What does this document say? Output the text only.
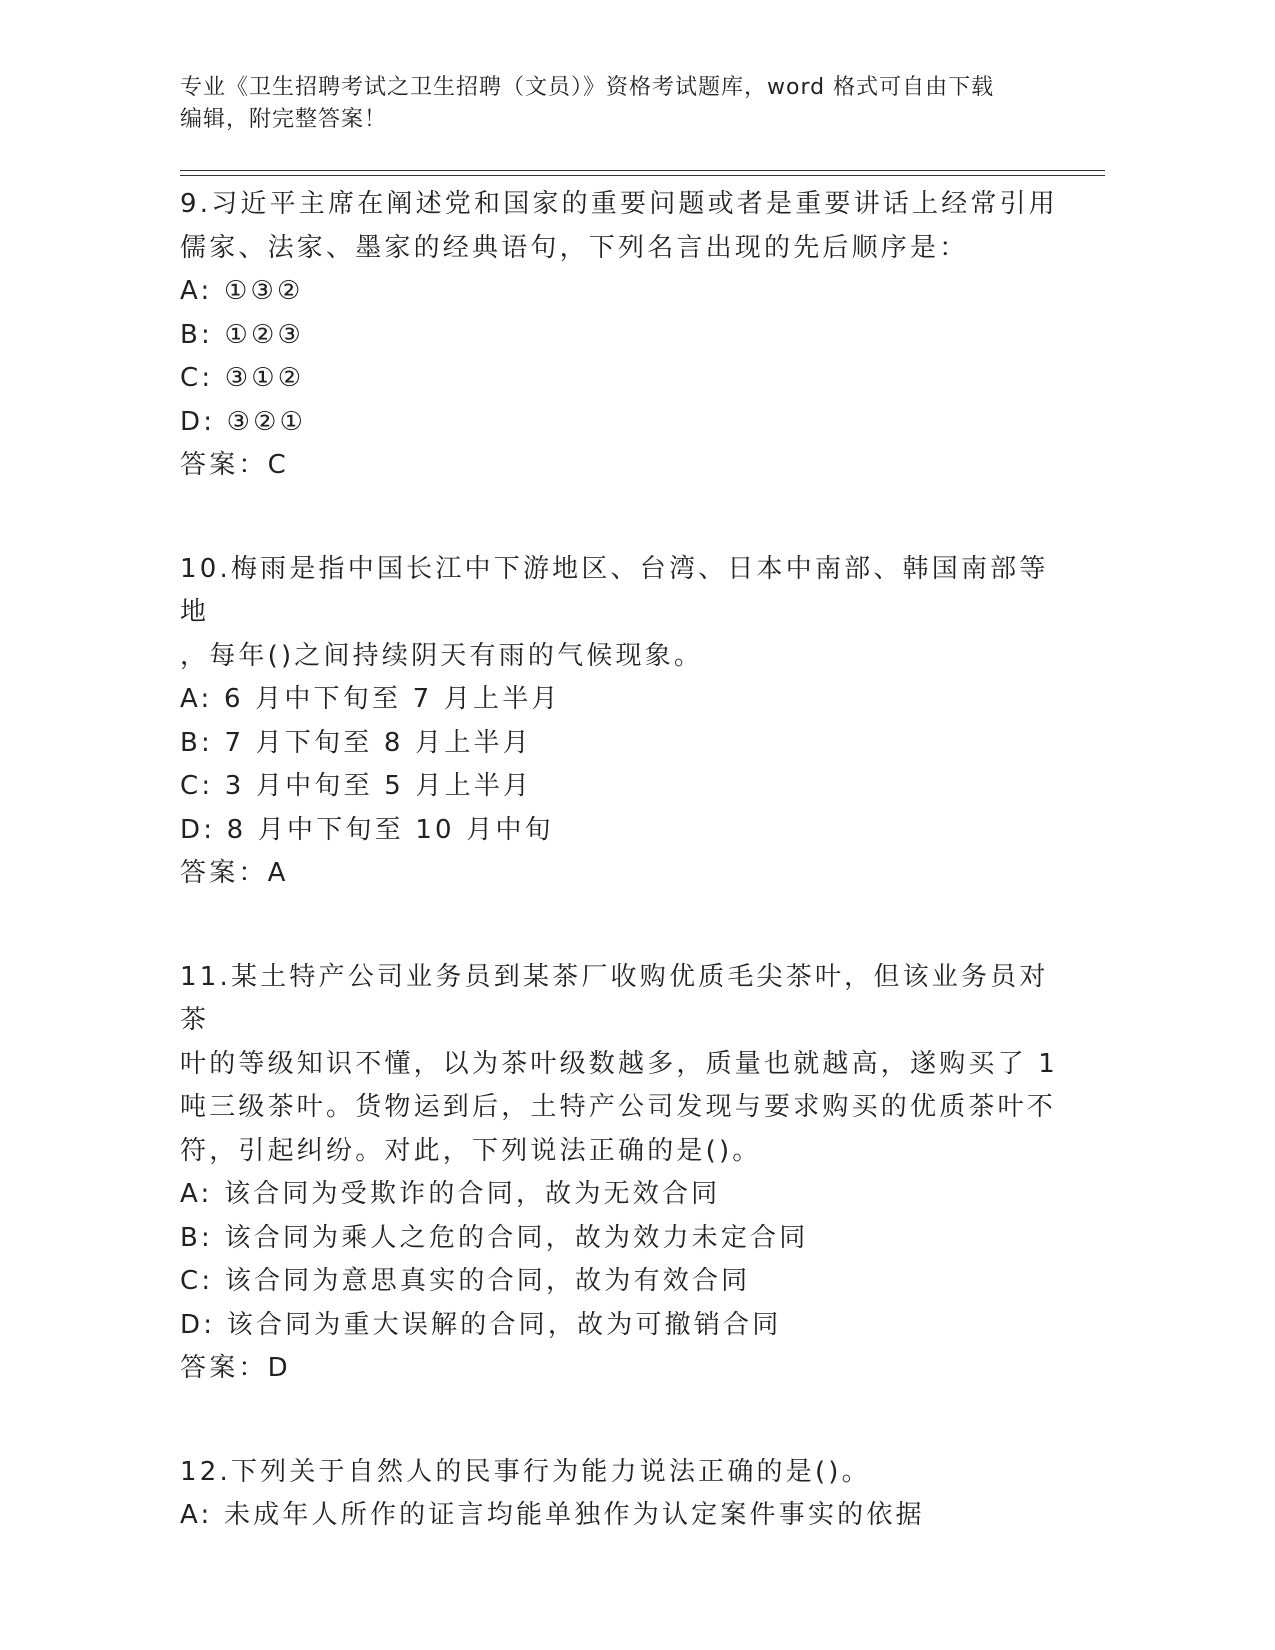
专业《卫生招聘考试之卫生招聘（文员）》资格考试题库，word 格式可自由下载
编辑，附完整答案！

9.习近平主席在阐述党和国家的重要问题或者是重要讲话上经常引用

儒家、法家、墨家的经典语句，下列名言出现的先后顺序是：

A: ①③②

B: ①②③

C: ③①②

D: ③②①

答案：C

10.梅雨是指中国长江中下游地区、台湾、日本中南部、韩国南部等地

，每年()之间持续阴天有雨的气候现象。

A: 6 月中下旬至 7 月上半月

B: 7 月下旬至 8 月上半月

C: 3 月中旬至 5 月上半月

D: 8 月中下旬至 10 月中旬

答案：A

11.某土特产公司业务员到某茶厂收购优质毛尖茶叶，但该业务员对茶

叶的等级知识不懂，以为茶叶级数越多，质量也就越高，遂购买了 1

吨三级茶叶。货物运到后，土特产公司发现与要求购买的优质茶叶不

符，引起纠纷。对此，下列说法正确的是()。

A: 该合同为受欺诈的合同，故为无效合同

B: 该合同为乘人之危的合同，故为效力未定合同

C: 该合同为意思真实的合同，故为有效合同

D: 该合同为重大误解的合同，故为可撤销合同

答案：D

12.下列关于自然人的民事行为能力说法正确的是()。

A: 未成年人所作的证言均能单独作为认定案件事实的依据
